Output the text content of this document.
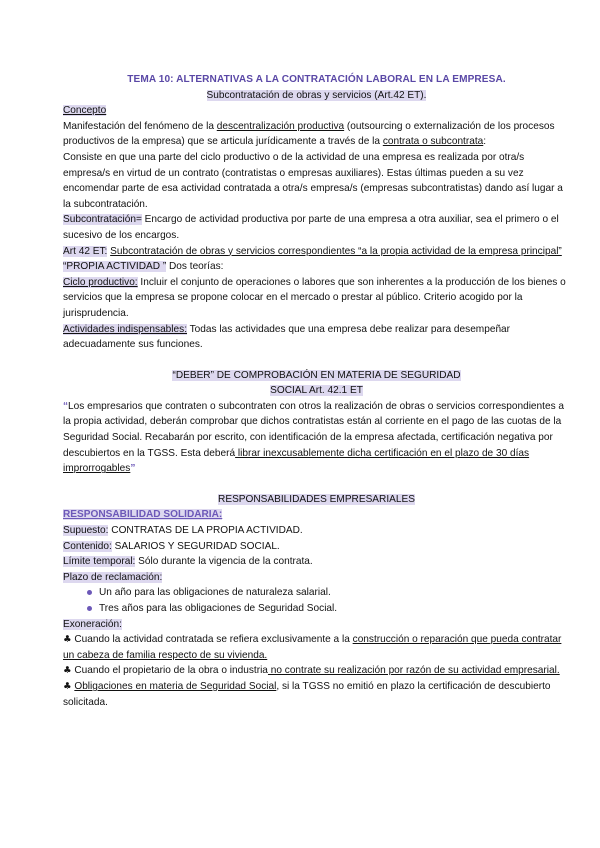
TEMA 10: ALTERNATIVAS A LA CONTRATACIÓN LABORAL EN LA EMPRESA.

Subcontratación de obras y servicios (Art.42 ET).

Concepto

Manifestación del fenómeno de la descentralización productiva (outsourcing o externalización de los procesos productivos de la empresa) que se articula jurídicamente a través de la contrata o subcontrata:

Consiste en que una parte del ciclo productivo o de la actividad de una empresa es realizada por otra/s empresa/s en virtud de un contrato (contratistas o empresas auxiliares). Estas últimas pueden a su vez encomendar parte de esa actividad contratada a otra/s empresa/s (empresas subcontratistas) dando así lugar a la subcontratación.

Subcontratación= Encargo de actividad productiva por parte de una empresa a otra auxiliar, sea el primero o el sucesivo de los encargos.

Art 42 ET: Subcontratación de obras y servicios correspondientes “a la propia actividad de la empresa principal”

“PROPIA ACTIVIDAD ” Dos teorías:

Ciclo productivo: Incluir el conjunto de operaciones o labores que son inherentes a la producción de los bienes o servicios que la empresa se propone colocar en el mercado o prestar al público. Criterio acogido por la jurisprudencia.

Actividades indispensables: Todas las actividades que una empresa debe realizar para desempeñar adecuadamente sus funciones.

“DEBER” DE COMPROBACIÓN EN MATERIA DE SEGURIDAD

SOCIAL Art. 42.1 ET

“Los empresarios que contraten o subcontraten con otros la realización de obras o servicios correspondientes a la propia actividad, deberán comprobar que dichos contratistas están al corriente en el pago de las cuotas de la Seguridad Social. Recabarán por escrito, con identificación de la empresa afectada, certificación negativa por descubiertos en la TGSS. Esta deberá librar inexcusablemente dicha certificación en el plazo de 30 días improrrogables”

RESPONSABILIDADES EMPRESARIALES

RESPONSABILIDAD SOLIDARIA:

Supuesto: CONTRATAS DE LA PROPIA ACTIVIDAD.

Contenido: SALARIOS Y SEGURIDAD SOCIAL.

Límite temporal: Sólo durante la vigencia de la contrata.

Plazo de reclamación:

Un año para las obligaciones de naturaleza salarial.
Tres años para las obligaciones de Seguridad Social.

Exoneración:

♣ Cuando la actividad contratada se refiera exclusivamente a la construcción o reparación que pueda contratar un cabeza de familia respecto de su vivienda.

♣ Cuando el propietario de la obra o industria no contrate su realización por razón de su actividad empresarial.

♣ Obligaciones en materia de Seguridad Social, si la TGSS no emitió en plazo la certificación de descubierto solicitada.
